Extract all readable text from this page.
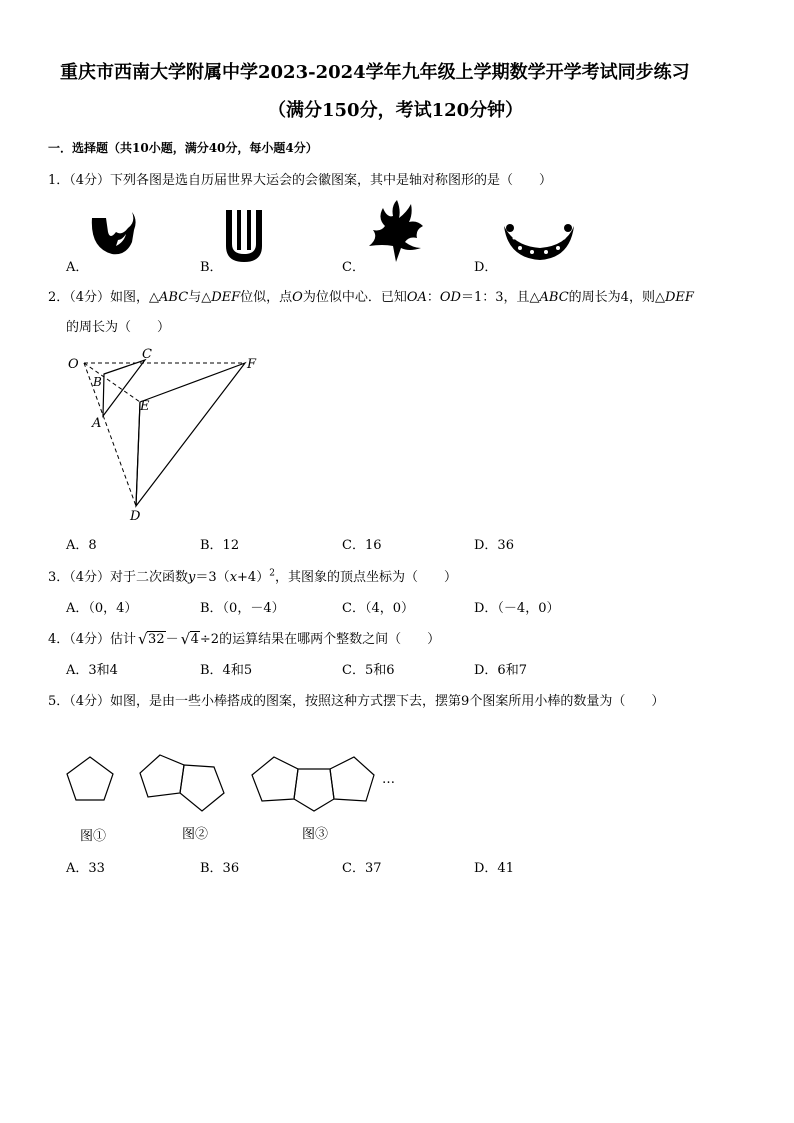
重庆市西南大学附属中学2023-2024学年九年级上学期数学开学考试同步练习
（满分150分，考试120分钟）
一．选择题（共10小题，满分40分，每小题4分）
1．（4分）下列各图是选自历届世界大运会的会徽图案，其中是轴对称图形的是（　　）
A．	B．	C．	D．
2．（4分）如图，△ABC与△DEF位似，点O为位似中心．已知OA：OD＝1：3，且△ABC的周长为4，则△DEF
的周长为（　　）
O
C
F
B
E
A
D
A．8	B．12	C．16	D．36
3．（4分）对于二次函数$y=3(x+4)^2$，其图象的顶点坐标为（　　）
A．（0，4）	B．（0，－4）	C．（4，0）	D．（－4，0）
4．（4分）估计 √ 32－ √ 4÷2的运算结果在哪两个整数之间（　　）
A．3和4	B．4和5	C．5和6	D．6和7
5．（4分）如图，是由一些小棒搭成的图案，按照这种方式摆下去，摆第9个图案所用小棒的数量为（　　）
…
图①	图②	图③
A．33	B．36	C．37	D．41
